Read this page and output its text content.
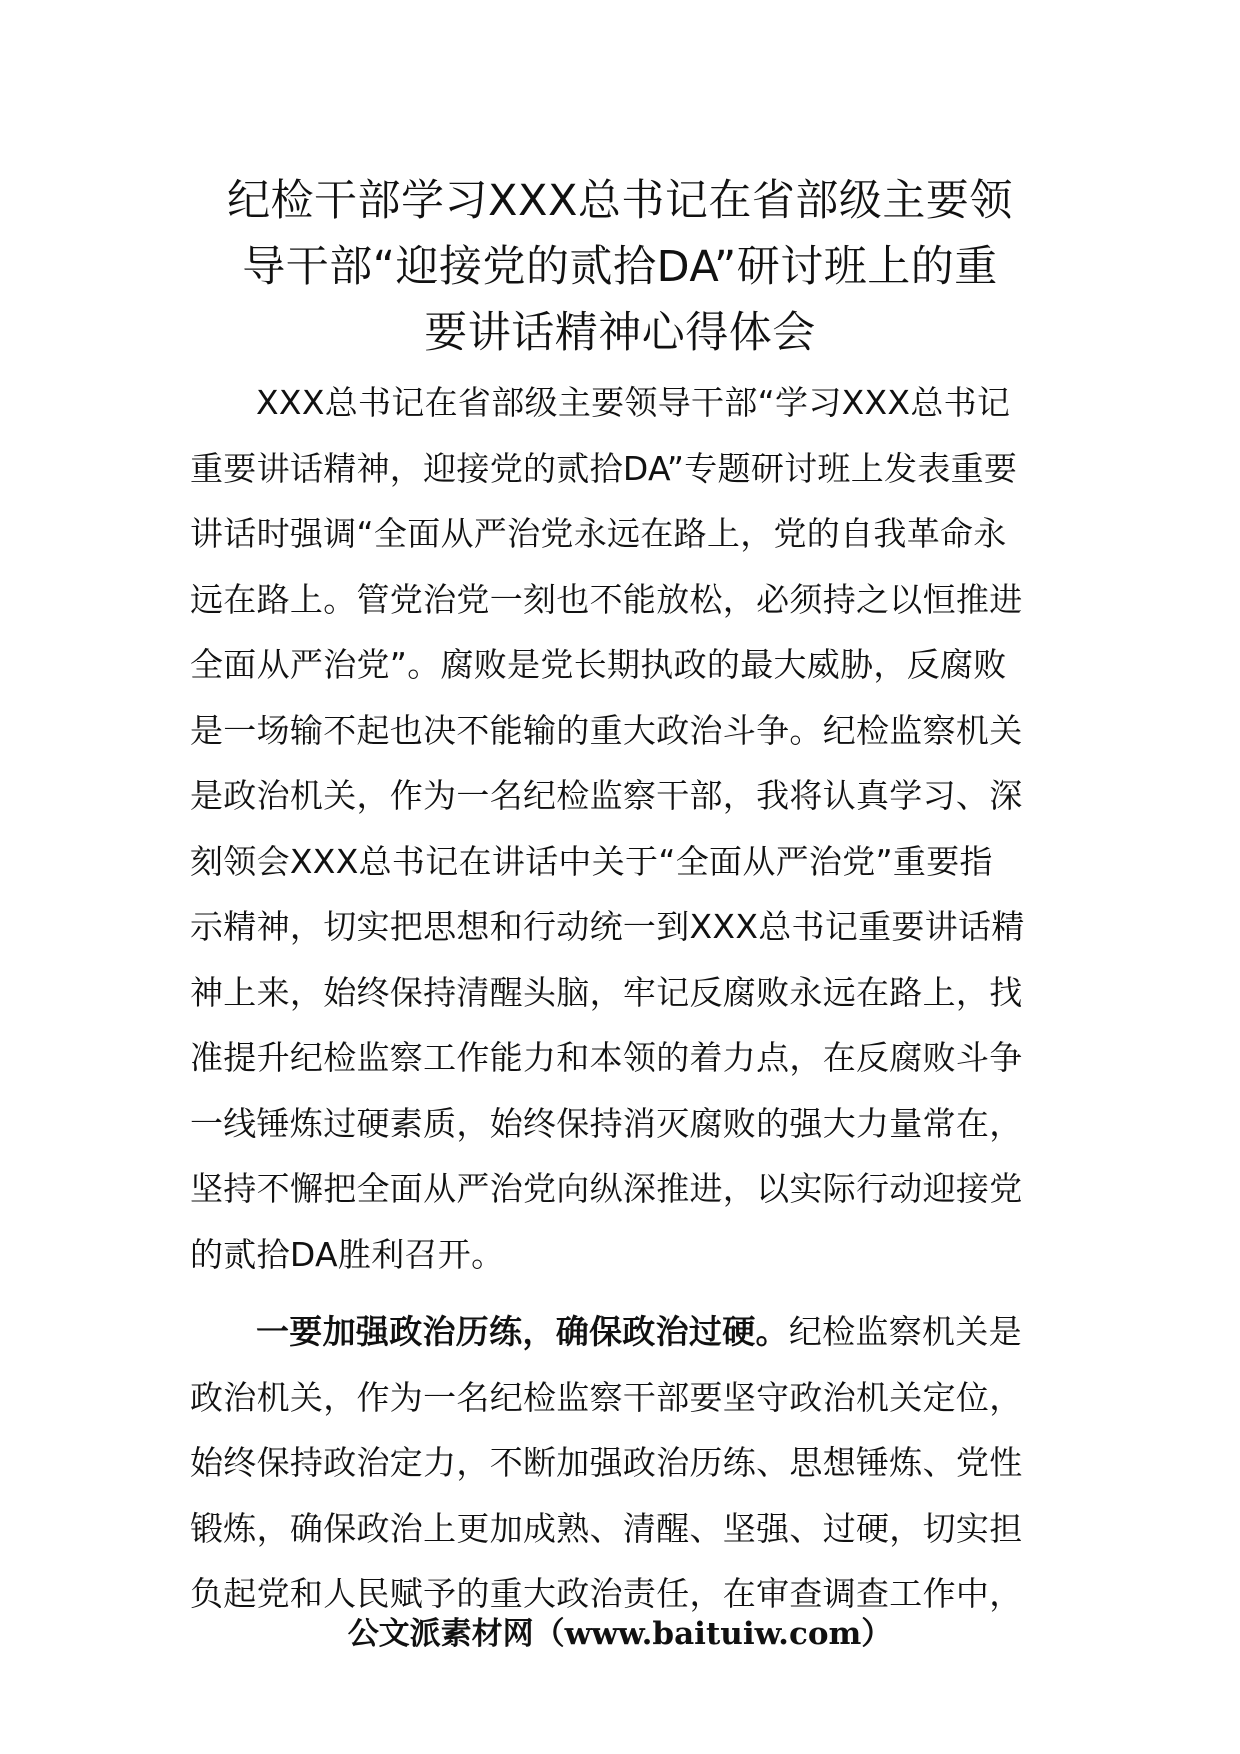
纪检干部学习XXX总书记在省部级主要领
导干部“迎接党的贰拾DA”研讨班上的重
要讲话精神心得体会
XXX总书记在省部级主要领导干部“学习XXX总书记
重要讲话精神，迎接党的贰拾DA”专题研讨班上发表重要
讲话时强调“全面从严治党永远在路上，党的自我革命永
远在路上。管党治党一刻也不能放松，必须持之以恒推进
全面从严治党”。腐败是党长期执政的最大威胁，反腐败
是一场输不起也决不能输的重大政治斗争。纪检监察机关
是政治机关，作为一名纪检监察干部，我将认真学习、深
刻领会XXX总书记在讲话中关于“全面从严治党”重要指
示精神，切实把思想和行动统一到XXX总书记重要讲话精
神上来，始终保持清醒头脑，牢记反腐败永远在路上，找
准提升纪检监察工作能力和本领的着力点，在反腐败斗争
一线锤炼过硬素质，始终保持消灭腐败的强大力量常在，
坚持不懈把全面从严治党向纵深推进，以实际行动迎接党
的贰拾DA胜利召开。
一要加强政治历练，确保政治过硬。纪检监察机关是
政治机关，作为一名纪检监察干部要坚守政治机关定位，
始终保持政治定力，不断加强政治历练、思想锤炼、党性
锻炼，确保政治上更加成熟、清醒、坚强、过硬，切实担
负起党和人民赋予的重大政治责任，在审查调查工作中，
公文派素材网（www.baituiw.com）
